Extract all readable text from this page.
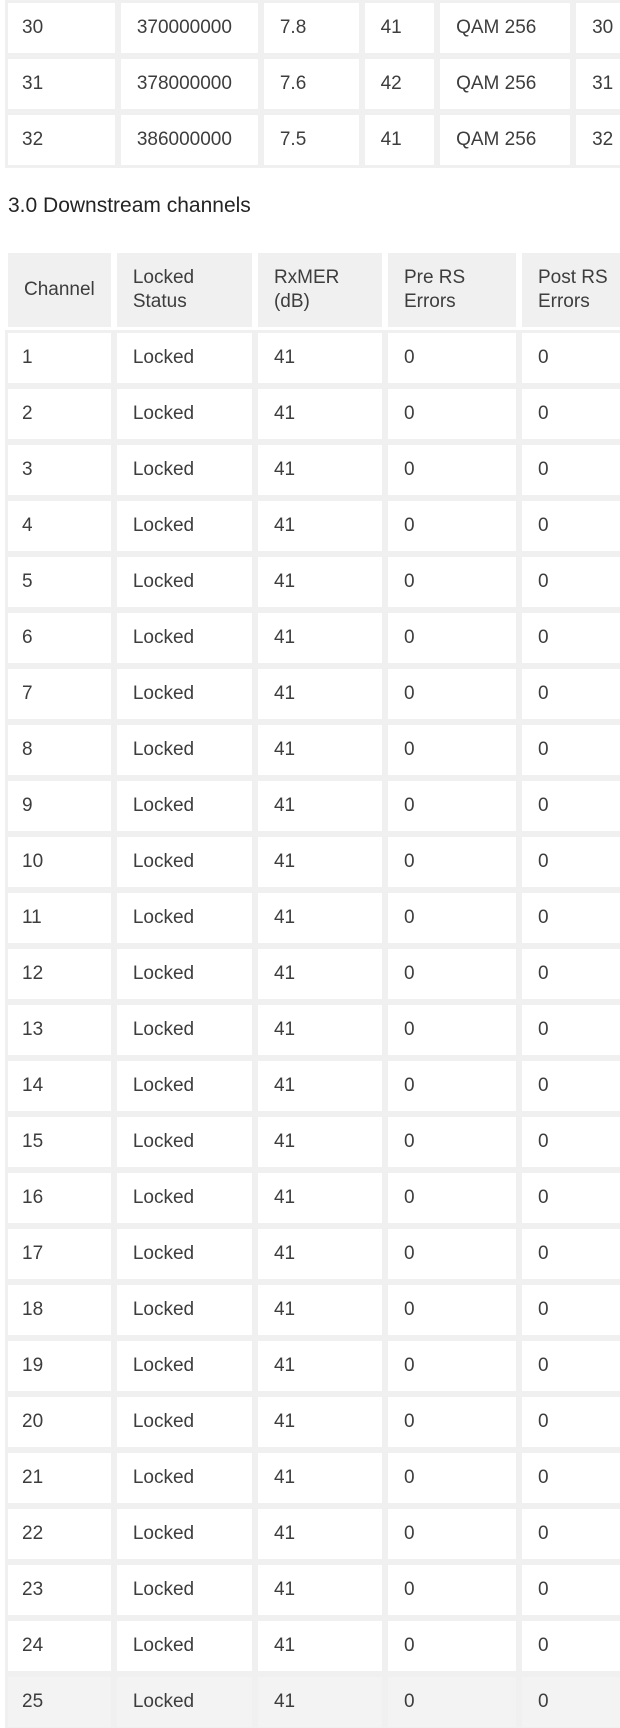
30	370000000	7.8	41	QAM 256	30
31	378000000	7.6	42	QAM 256	31
32	386000000	7.5	41	QAM 256	32
3.0 Downstream channels
Channel	Locked Status	RxMER (dB)	Pre RS Errors	Post RS Errors
1	Locked	41	0	0
2	Locked	41	0	0
3	Locked	41	0	0
4	Locked	41	0	0
5	Locked	41	0	0
6	Locked	41	0	0
7	Locked	41	0	0
8	Locked	41	0	0
9	Locked	41	0	0
10	Locked	41	0	0
11	Locked	41	0	0
12	Locked	41	0	0
13	Locked	41	0	0
14	Locked	41	0	0
15	Locked	41	0	0
16	Locked	41	0	0
17	Locked	41	0	0
18	Locked	41	0	0
19	Locked	41	0	0
20	Locked	41	0	0
21	Locked	41	0	0
22	Locked	41	0	0
23	Locked	41	0	0
24	Locked	41	0	0
25	Locked	41	0	0
